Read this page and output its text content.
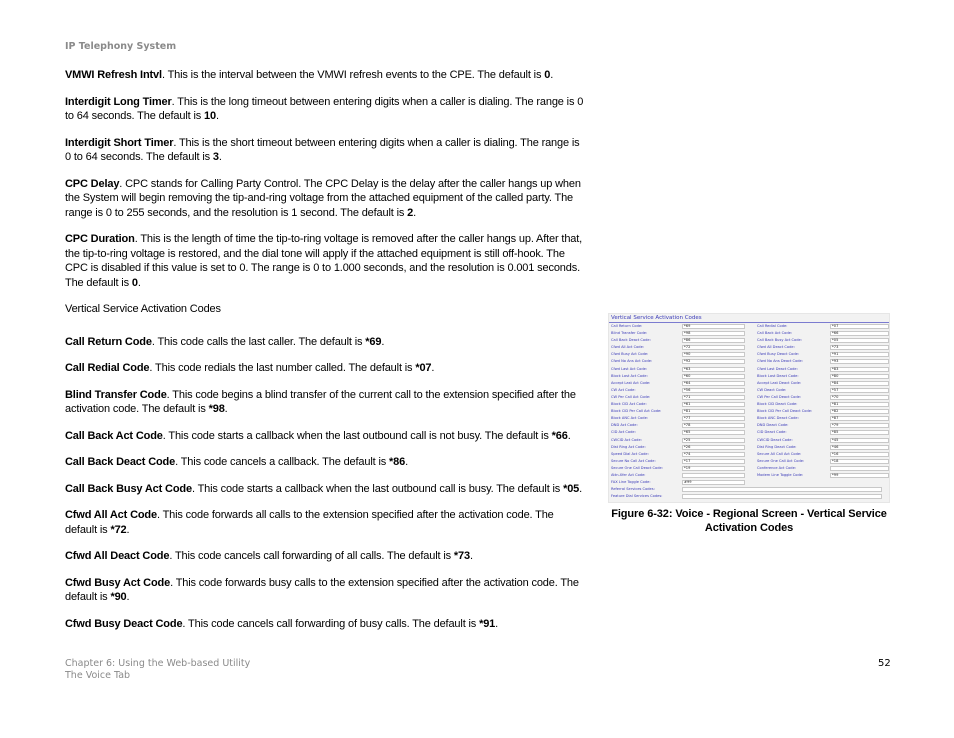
IP Telephony System

VMWI Refresh Intvl. This is the interval between the VMWI refresh events to the CPE. The default is 0.

Interdigit Long Timer. This is the long timeout between entering digits when a caller is dialing. The range is 0 to 64 seconds. The default is 10.

Interdigit Short Timer. This is the short timeout between entering digits when a caller is dialing. The range is 0 to 64 seconds. The default is 3.

CPC Delay. CPC stands for Calling Party Control. The CPC Delay is the delay after the caller hangs up when the System will begin removing the tip-and-ring voltage from the attached equipment of the called party. The range is 0 to 255 seconds, and the resolution is 1 second. The default is 2.

CPC Duration. This is the length of time the tip-to-ring voltage is removed after the caller hangs up. After that, the tip-to-ring voltage is restored, and the dial tone will apply if the attached equipment is still off-hook. The CPC is disabled if this value is set to 0. The range is 0 to 1.000 seconds, and the resolution is 0.001 seconds. The default is 0.

Vertical Service Activation Codes

Call Return Code. This code calls the last caller. The default is *69.

Call Redial Code. This code redials the last number called. The default is *07.

Blind Transfer Code. This code begins a blind transfer of the current call to the extension specified after the activation code. The default is *98.

Call Back Act Code. This code starts a callback when the last outbound call is not busy. The default is *66.

Call Back Deact Code. This code cancels a callback. The default is *86.

Call Back Busy Act Code. This code starts a callback when the last outbound call is busy. The default is *05.

Cfwd All Act Code. This code forwards all calls to the extension specified after the activation code. The default is *72.

Cfwd All Deact Code. This code cancels call forwarding of all calls. The default is *73.

Cfwd Busy Act Code. This code forwards busy calls to the extension specified after the activation code. The default is *90.

Cfwd Busy Deact Code. This code cancels call forwarding of busy calls. The default is *91.

Vertical Service Activation Codes
Call Return Code:	*69	Call Redial Code:	*07
Blind Transfer Code:	*98	Call Back Act Code:	*66
Call Back Deact Code:	*86	Call Back Busy Act Code:	*05
Cfwd All Act Code:	*72	Cfwd All Deact Code:	*73
Cfwd Busy Act Code:	*90	Cfwd Busy Deact Code:	*91
Cfwd No Ans Act Code:	*92	Cfwd No Ans Deact Code:	*93
Cfwd Last Act Code:	*63	Cfwd Last Deact Code:	*83
Block Last Act Code:	*60	Block Last Deact Code:	*80
Accept Last Act Code:	*64	Accept Last Deact Code:	*84
CW Act Code:	*56	CW Deact Code:	*57
CW Per Call Act Code:	*71	CW Per Call Deact Code:	*70
Block CID Act Code:	*61	Block CID Deact Code:	*81
Block CID Per Call Act Code:	*81	Block CID Per Call Deact Code:	*82
Block ANC Act Code:	*77	Block ANC Deact Code:	*87
DND Act Code:	*78	DND Deact Code:	*79
CID Act Code:	*65	CID Deact Code:	*85
CWCID Act Code:	*25	CWCID Deact Code:	*45
Dist Ring Act Code:	*26	Dist Ring Deact Code:	*46
Speed Dial Act Code:	*74	Secure All Call Act Code:	*16
Secure No Call Act Code:	*17	Secure One Call Act Code:	*18
Secure One Call Deact Code:	*19	Conference Act Code:
Attn-Xfer Act Code:	Modem Line Toggle Code:	*99
FAX Line Toggle Code:	#99
Referral Services Codes:
Feature Dial Services Codes:
Figure 6-32: Voice - Regional Screen - Vertical Service Activation Codes
Chapter 6: Using the Web-based Utility
The Voice Tab
52
